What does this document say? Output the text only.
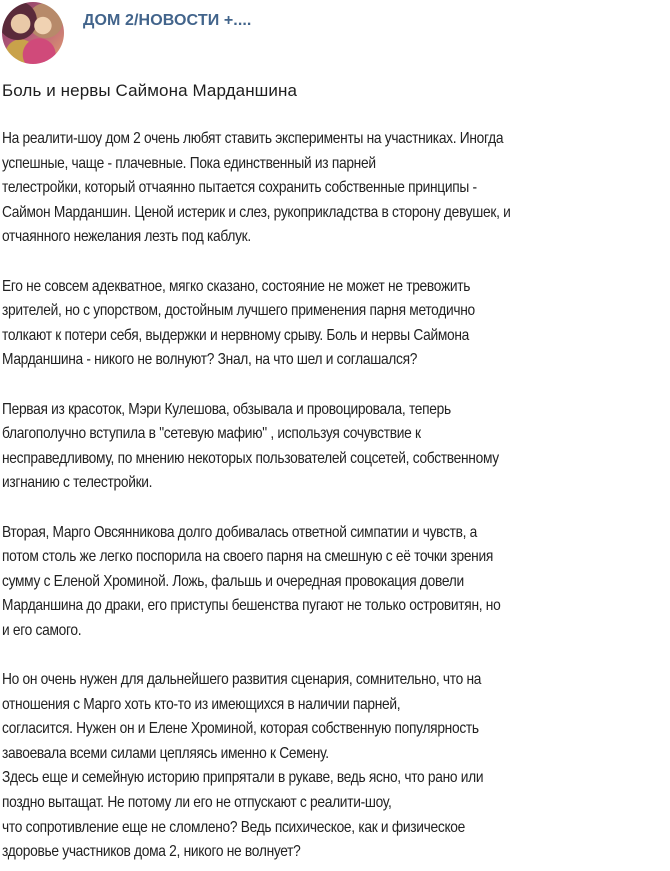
ДОМ 2/НОВОСТИ +....
Боль и нервы Саймона Марданшина
На реалити-шоу дом 2 очень любят ставить эксперименты на участниках. Иногда
успешные, чаще - плачевные. Пока единственный из парней
телестройки, который отчаянно пытается сохранить собственные принципы -
Саймон Марданшин. Ценой истерик и слез, рукоприкладства в сторону девушек, и
отчаянного нежелания лезть под каблук.
Его не совсем адекватное, мягко сказано, состояние не может не тревожить
зрителей, но с упорством, достойным лучшего применения парня методично
толкают к потери себя, выдержки и нервному срыву. Боль и нервы Саймона
Марданшина - никого не волнуют? Знал, на что шел и соглашался?
Первая из красоток, Мэри Кулешова, обзывала и провоцировала, теперь
благополучно вступила в "сетевую мафию" , используя сочувствие к
несправедливому, по мнению некоторых пользователей соцсетей, собственному
изгнанию с телестройки.
Вторая, Марго Овсянникова долго добивалась ответной симпатии и чувств, а
потом столь же легко поспорила на своего парня на смешную с её точки зрения
сумму с Еленой Хроминой. Ложь, фальшь и очередная провокация довели
Марданшина до драки, его приступы бешенства пугают не только островитян, но
и его самого.
Но он очень нужен для дальнейшего развития сценария, сомнительно, что на
отношения с Марго хоть кто-то из имеющихся в наличии парней,
согласится. Нужен он и Елене Хроминой, которая собственную популярность
завоевала всеми силами цепляясь именно к Семену.
Здесь еще и семейную историю припрятали в рукаве, ведь ясно, что рано или
поздно вытащат. Не потому ли его не отпускают с реалити-шоу,
что сопротивление еще не сломлено? Ведь психическое, как и физическое
здоровье участников дома 2, никого не волнует?
